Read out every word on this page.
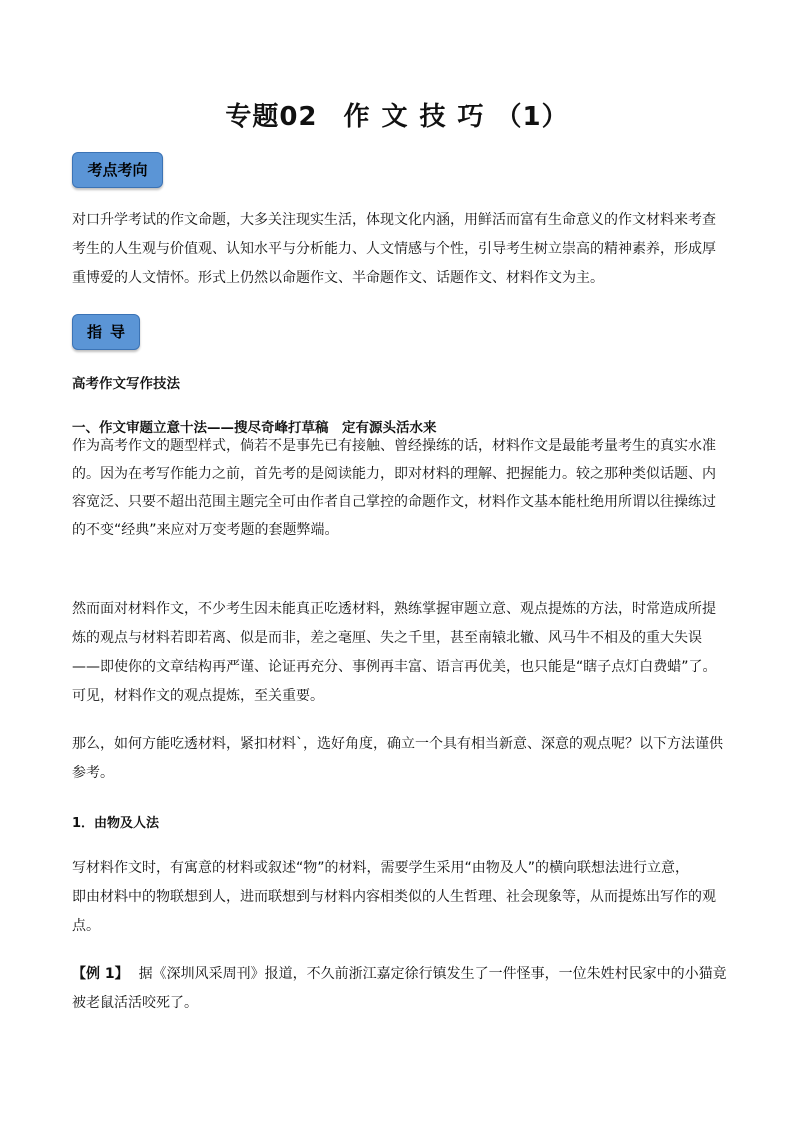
专题02 作文技巧（1）
考点考向

对口升学考试的作文命题，大多关注现实生活，体现文化内涵，用鲜活而富有生命意义的作文材料来考查

考生的人生观与价值观、认知水平与分析能力、人文情感与个性，引导考生树立崇高的精神素养，形成厚

重博爱的人文情怀。形式上仍然以命题作文、半命题作文、话题作文、材料作文为主。

指导
高考作文写作技法
一、作文审题立意十法——搜尽奇峰打草稿　定有源头活水来

作为高考作文的题型样式，倘若不是事先已有接触、曾经操练的话，材料作文是最能考量考生的真实水准

的。因为在考写作能力之前，首先考的是阅读能力，即对材料的理解、把握能力。较之那种类似话题、内

容宽泛、只要不超出范围主题完全可由作者自己掌控的命题作文，材料作文基本能杜绝用所谓以往操练过

的不变“经典”来应对万变考题的套题弊端。

然而面对材料作文，不少考生因未能真正吃透材料，熟练掌握审题立意、观点提炼的方法，时常造成所提

炼的观点与材料若即若离、似是而非，差之毫厘、失之千里，甚至南辕北辙、风马牛不相及的重大失误

——即使你的文章结构再严谨、论证再充分、事例再丰富、语言再优美，也只能是“瞎子点灯白费蜡”了。

可见，材料作文的观点提炼，至关重要。

那么，如何方能吃透材料，紧扣材料`，选好角度，确立一个具有相当新意、深意的观点呢？以下方法谨供

参考。

1．由物及人法

写材料作文时，有寓意的材料或叙述“物”的材料，需要学生采用“由物及人”的横向联想法进行立意，

即由材料中的物联想到人，进而联想到与材料内容相类似的人生哲理、社会现象等，从而提炼出写作的观

点。

【例 1】 据《深圳风采周刊》报道，不久前浙江嘉定徐行镇发生了一件怪事，一位朱姓村民家中的小猫竟

被老鼠活活咬死了。
